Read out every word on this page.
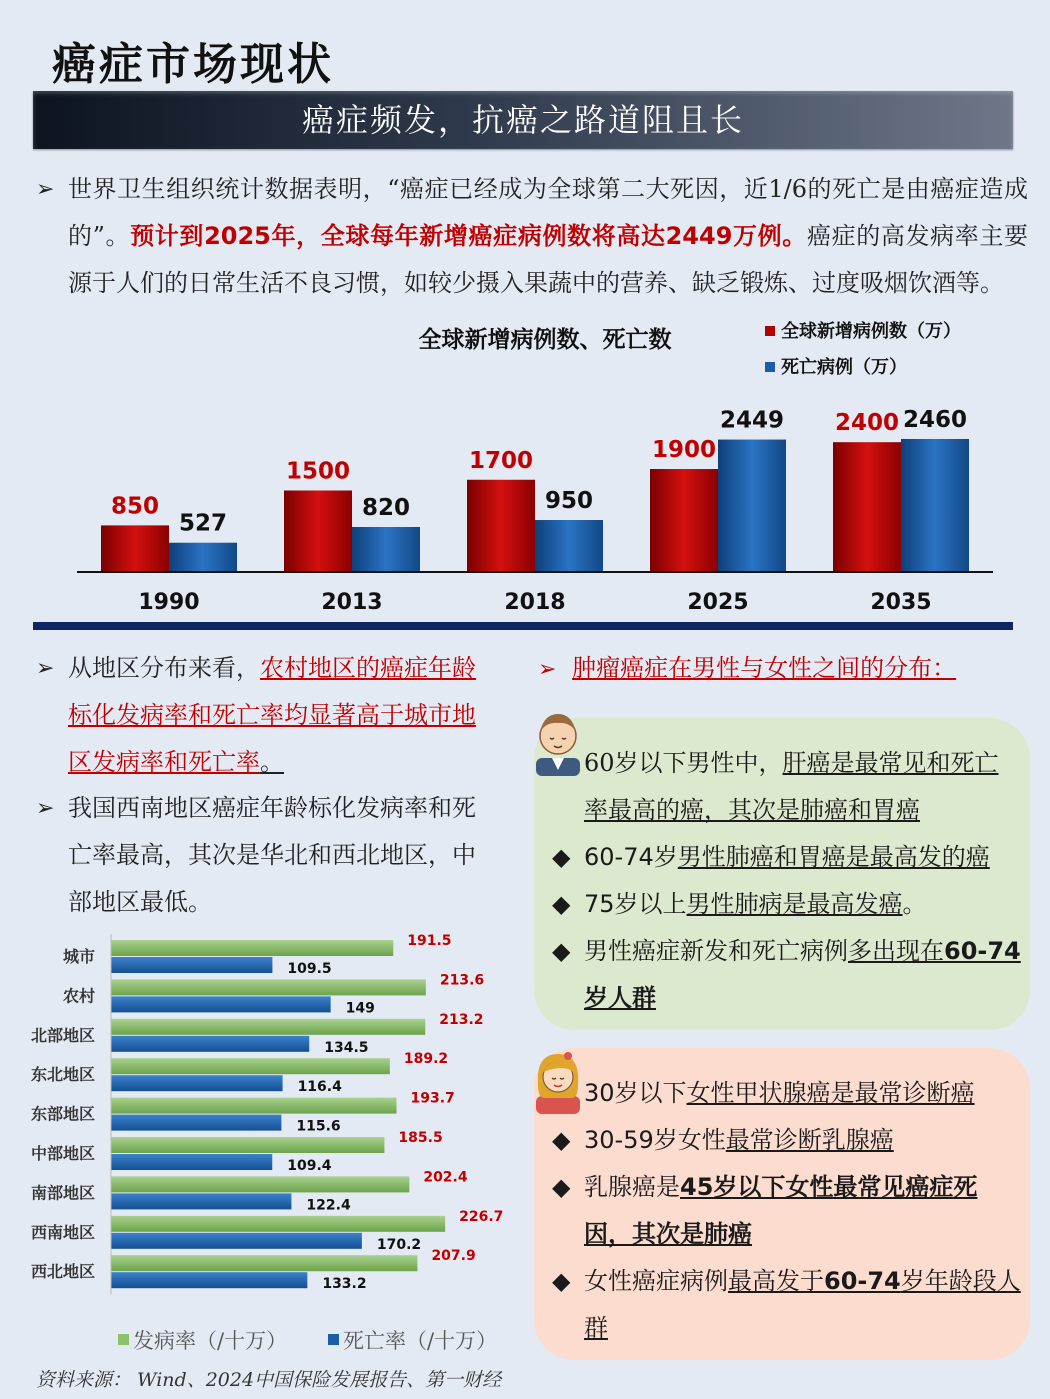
癌症市场现状
癌症频发，抗癌之路道阻且长
➢ 世界卫生组织统计数据表明，“癌症已经成为全球第二大死因，近1/6的死亡是由癌症造成的”。预计到2025年，全球每年新增癌症病例数将高达2449万例。癌症的高发病率主要源于人们的日常生活不良习惯，如较少摄入果蔬中的营养、缺乏锻炼、过度吸烟饮酒等。
全球新增病例数、死亡数	全球新增病例数（万）
死亡病例（万）
850
527
1990
1500
820
2013
1700
950
2018
1900
2449
2025
2400 2460
2035
➢ 从地区分布来看，农村地区的癌症年龄标化发病率和死亡率均显著高于城市地区发病率和死亡率。
➢ 我国西南地区癌症年龄标化发病率和死亡率最高，其次是华北和西北地区，中部地区最低。
城市
191.5
109.5
农村
213.6
149
北部地区
213.2
134.5
东北地区
189.2
116.4
东部地区
193.7
115.6
中部地区
185.5
109.4
南部地区
202.4
122.4
西南地区
226.7
170.2
西北地区
207.9
133.2
发病率（/十万）	死亡率（/十万）
➢ 肿瘤癌症在男性与女性之间的分布：
60岁以下男性中，肝癌是最常见和死亡率最高的癌，其次是肺癌和胃癌
◆ 60-74岁男性肺癌和胃癌是最高发的癌
◆ 75岁以上男性肺病是最高发癌。
◆ 男性癌症新发和死亡病例多出现在60-74岁人群
30岁以下女性甲状腺癌是最常诊断癌
◆ 30-59岁女性最常诊断乳腺癌
◆ 乳腺癌是45岁以下女性最常见癌症死因，其次是肺癌
◆ 女性癌症病例最高发于60-74岁年龄段人群
资料来源： Wind、2024中国保险发展报告、第一财经
